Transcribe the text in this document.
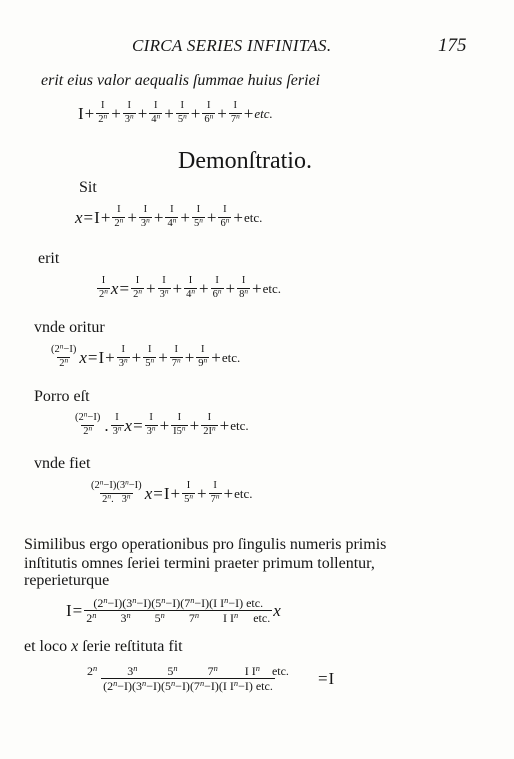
CIRCA SERIES INFINITAS.	175
erit eius valor aequalis ſummae huius ſeriei
$I + \frac{I}{2^n} + \frac{I}{3^n} + \frac{I}{4^n} + \frac{I}{5^n} + \frac{I}{6^n} + \frac{I}{7^n}$ + etc.
Demonſtratio.
Sit
$x = I + \frac{I}{2^n} + \frac{I}{3^n} + \frac{I}{4^n} + \frac{I}{5^n} + \frac{I}{6^n}$ + etc.
erit
$\frac{I}{2^n}$ $x = \frac{I}{2^n} + \frac{I}{3^n} + \frac{I}{4^n} + \frac{I}{6^n} + \frac{I}{8^n}$ + etc.
vnde oritur
$\frac{(2^n-I)}{2^n}$ $x = I + \frac{I}{3^n} + \frac{I}{5^n} + \frac{I}{7^n} + \frac{I}{9^n}$ + etc.
Porro eſt
$\frac{(2^n-I)}{2^n}$ . $\frac{I}{3^n}$ $x = \frac{I}{3^n} + \frac{I}{I5^n} + \frac{I}{2I^n}$ + etc.
vnde fiet
$\frac{(2^n-I)(3^n-I)}{2^n. 3^n}$ $x = I + \frac{I}{5^n} + \frac{I}{7^n}$ + etc.
Similibus ergo operationibus pro ſingulis numeris primis
inſtitutis omnes ſeriei termini praeter primum tollentur,
reperieturque
$I = (2^n-I)(3^n-I)(5^n-I)(7^n-I)(I$ $I^n-I$) etc.
2$^n$ 3$^n$ 5$^n$ 7$^n$ I $I^n$ etc. x
et loco x ſerie reſtituta fit
2$^n$	3$^n$	5$^n$	7$^n$ I $I^n$ etc.
$(2^n-I)(3^n-I)(5^n-I)(7^n-I)(I$ $I^n-I$) etc.	= I
